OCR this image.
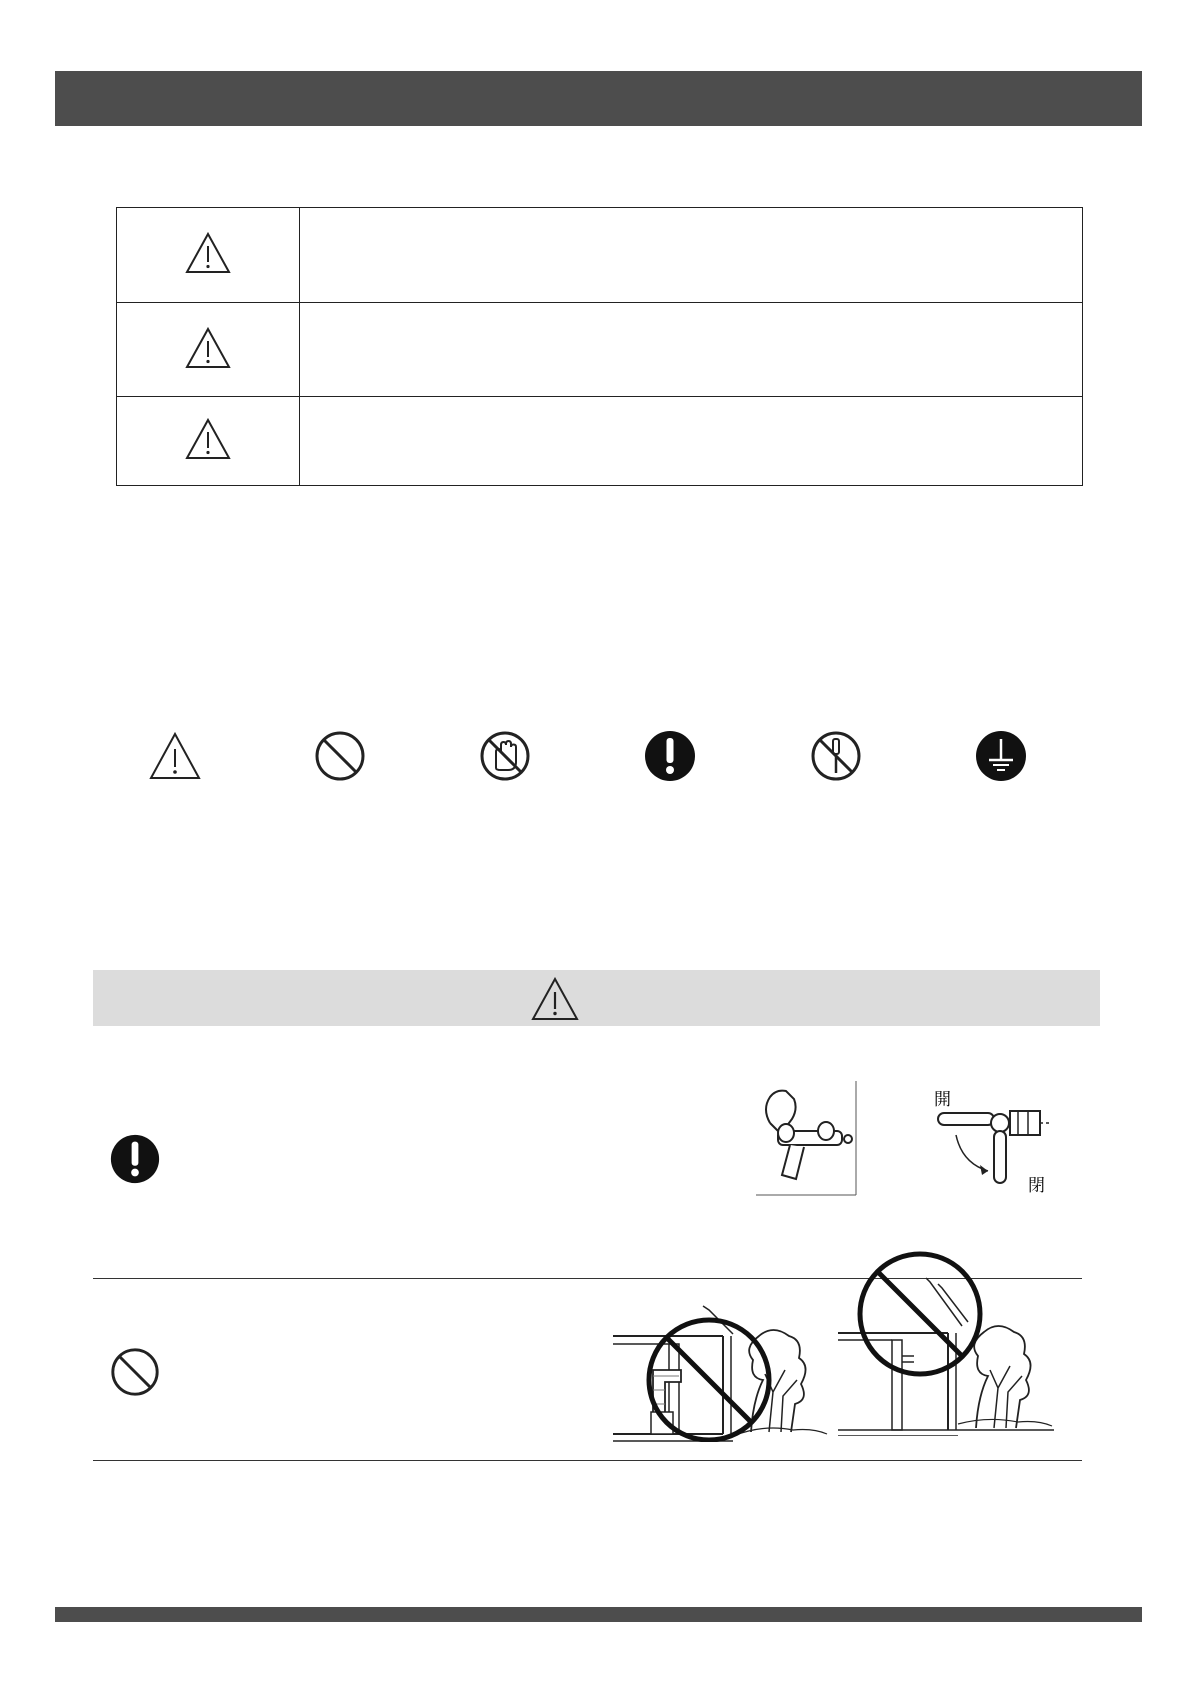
開
閉
